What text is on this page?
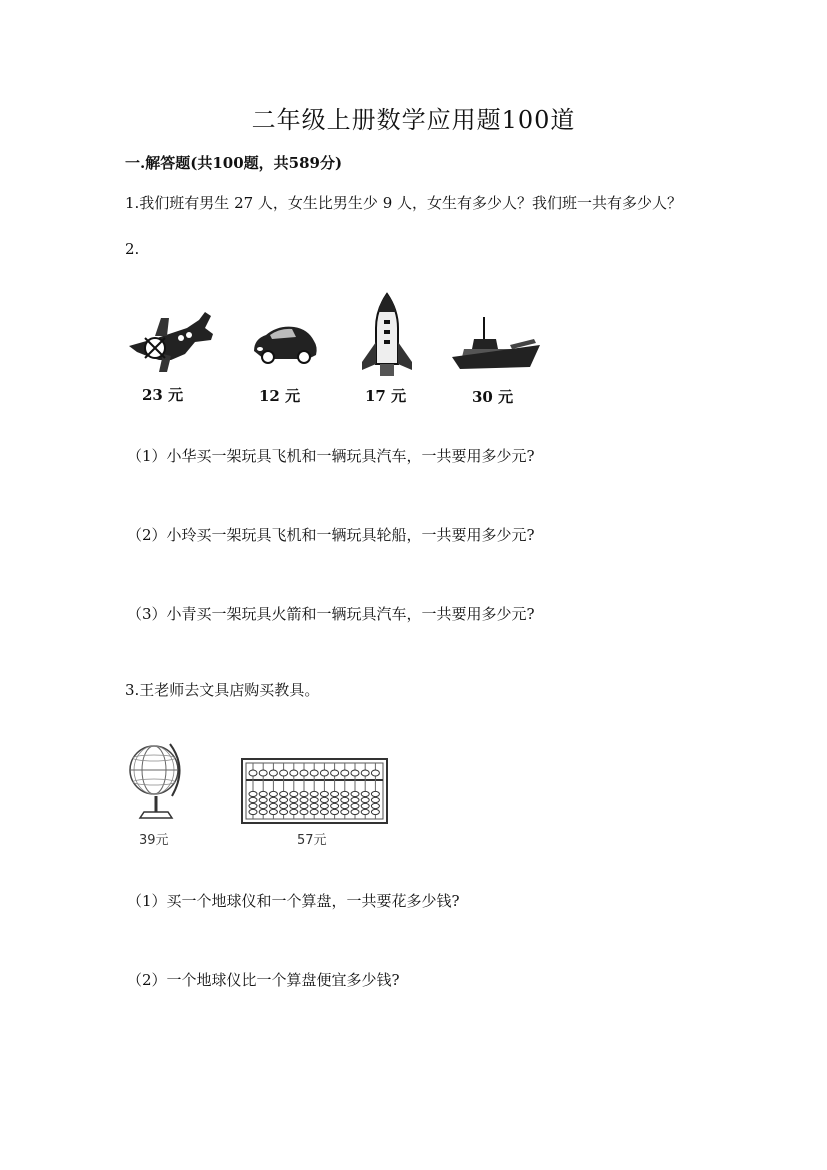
二年级上册数学应用题100道
一.解答题(共100题，共589分)
1.我们班有男生 27 人，女生比男生少 9 人，女生有多少人？我们班一共有多少人？
2.
23 元	12 元	17 元	30 元
（1）小华买一架玩具飞机和一辆玩具汽车，一共要用多少元?
（2）小玲买一架玩具飞机和一辆玩具轮船，一共要用多少元?
（3）小青买一架玩具火箭和一辆玩具汽车，一共要用多少元?
3.王老师去文具店购买教具。
39元	57元
（1）买一个地球仪和一个算盘，一共要花多少钱?
（2）一个地球仪比一个算盘便宜多少钱?
